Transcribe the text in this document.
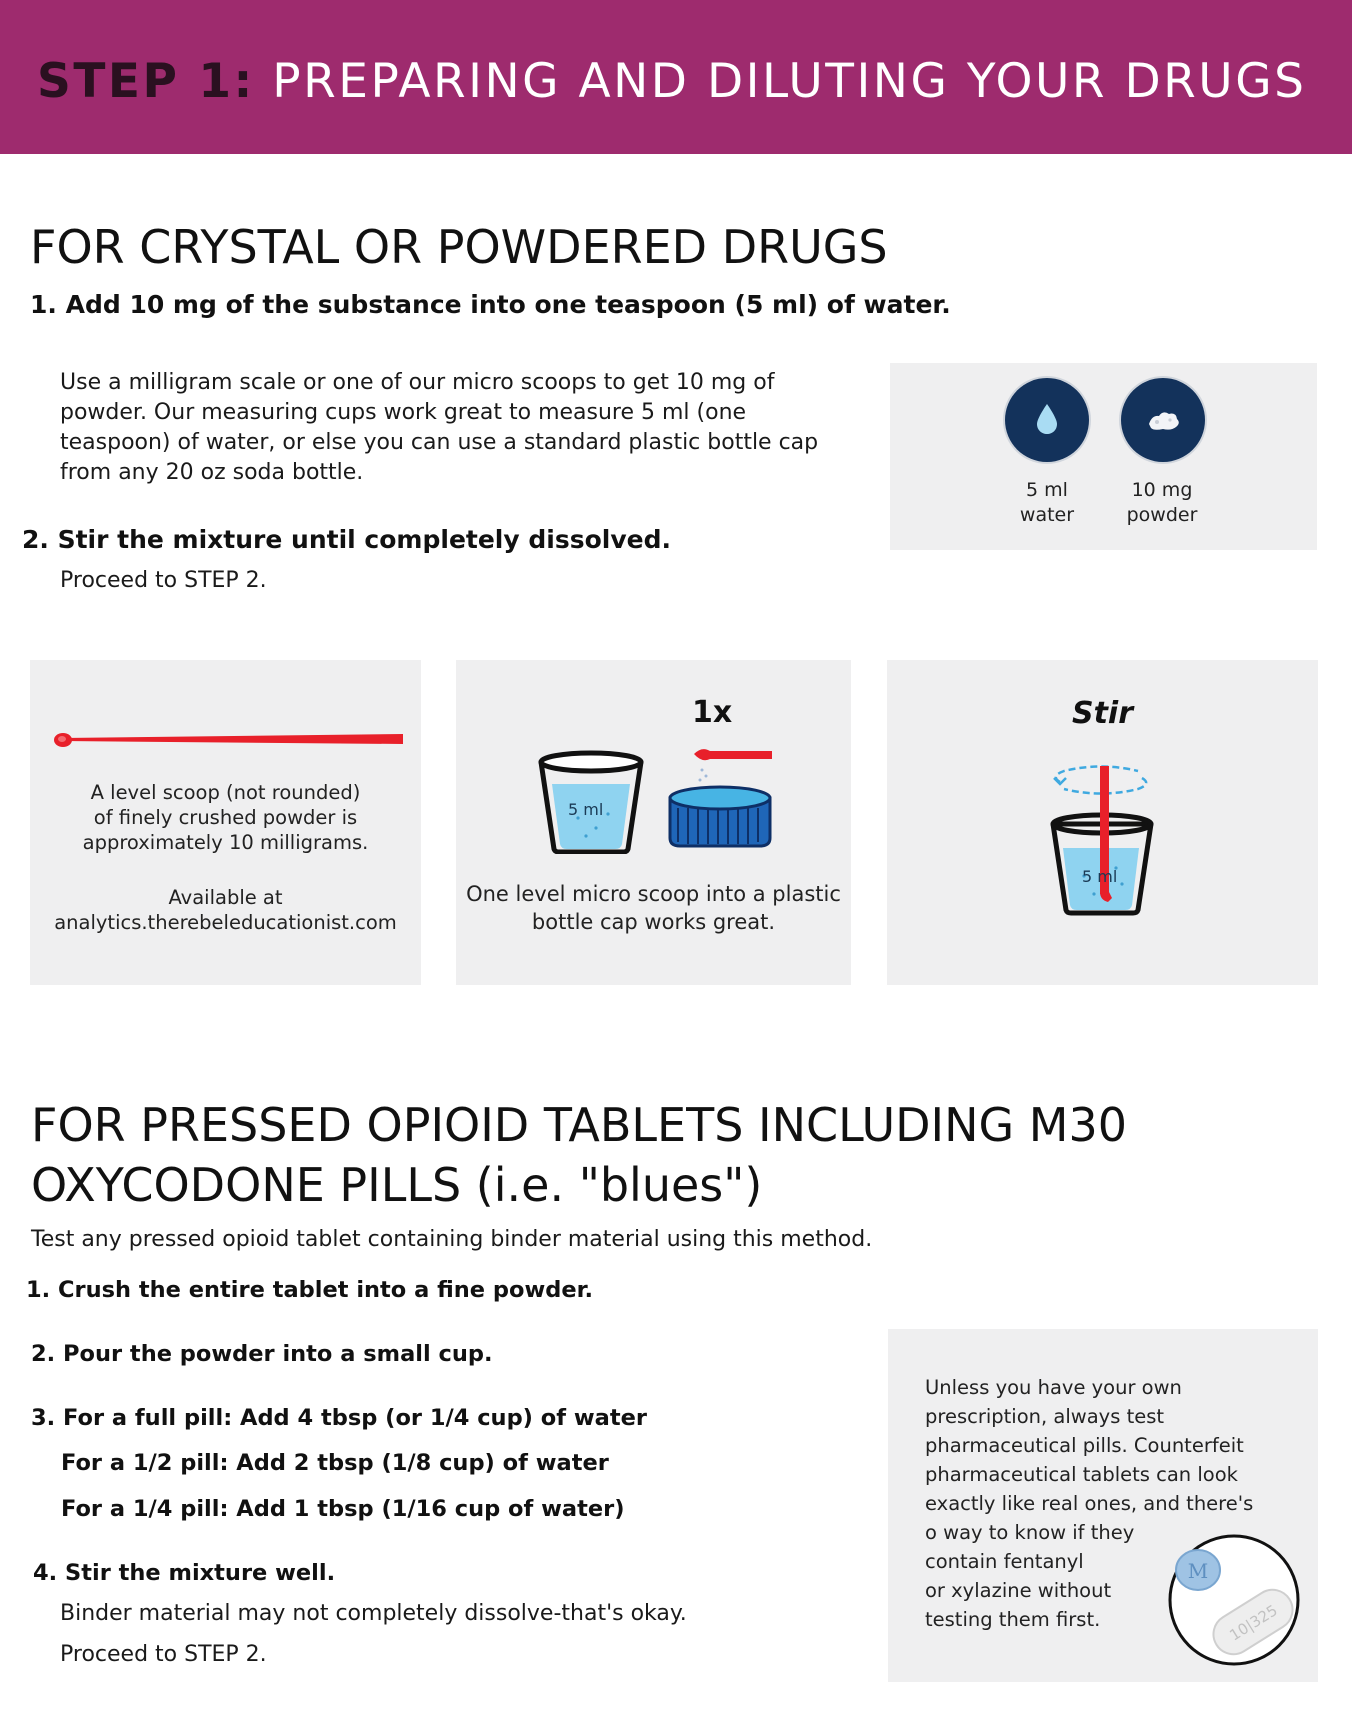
STEP 1: PREPARING AND DILUTING YOUR DRUGS
FOR CRYSTAL OR POWDERED DRUGS
1. Add 10 mg of the substance into one teaspoon (5 ml) of water.
Use a milligram scale or one of our micro scoops to get 10 mg of powder. Our measuring cups work great to measure 5 ml (one teaspoon) of water, or else you can use a standard plastic bottle cap from any 20 oz soda bottle.
2. Stir the mixture until completely dissolved.
Proceed to STEP 2.
5 ml
water
10 mg
powder
A level scoop (not rounded)
of finely crushed powder is
approximately 10 milligrams.
Available at
analytics.therebeleducationist.com
1x
5 ml
One level micro scoop into a plastic
bottle cap works great.
Stir
5 ml
FOR PRESSED OPIOID TABLETS INCLUDING M30
OXYCODONE PILLS (i.e. "blues")
Test any pressed opioid tablet containing binder material using this method.
1. Crush the entire tablet into a fine powder.
2. Pour the powder into a small cup.
3. For a full pill: Add 4 tbsp (or 1/4 cup) of water
For a 1/2 pill: Add 2 tbsp (1/8 cup) of water
For a 1/4 pill: Add 1 tbsp (1/16 cup of water)
4. Stir the mixture well.
Binder material may not completely dissolve-that's okay.
Proceed to STEP 2.
Unless you have your own
prescription, always test
pharmaceutical pills. Counterfeit
pharmaceutical tablets can look
exactly like real ones, and there's
o way to know if they
contain fentanyl
or xylazine without
testing them first.
M
10|325
